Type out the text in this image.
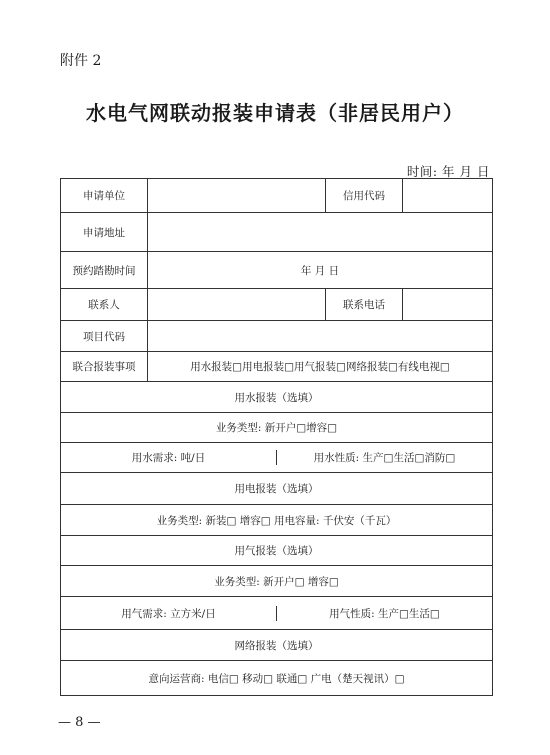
附件 2
水电气网联动报装申请表（非居民用户）
时间: 年 月 日
申请单位		信用代码	
申请地址			
预约踏勘时间	年 月 日		
联系人		联系电话	
项目代码			
联合报装事项	用水报装□用电报装□用气报装□网络报装□有线电视□		
用水报装（选填）			
业务类型: 新开户□增容□			

用水需求: 吨/日 用水性质: 生产□生活□消防□			

用电报装（选填）			
业务类型: 新装□ 增容□ 用电容量: 千伏安（千瓦）			
用气报装（选填）			
业务类型: 新开户□ 增容□			

用气需求: 立方米/日 用气性质: 生产□生活□			

网络报装（选填）			
意向运营商: 电信□ 移动□ 联通□ 广电（楚天视讯）□			
— 8 —
